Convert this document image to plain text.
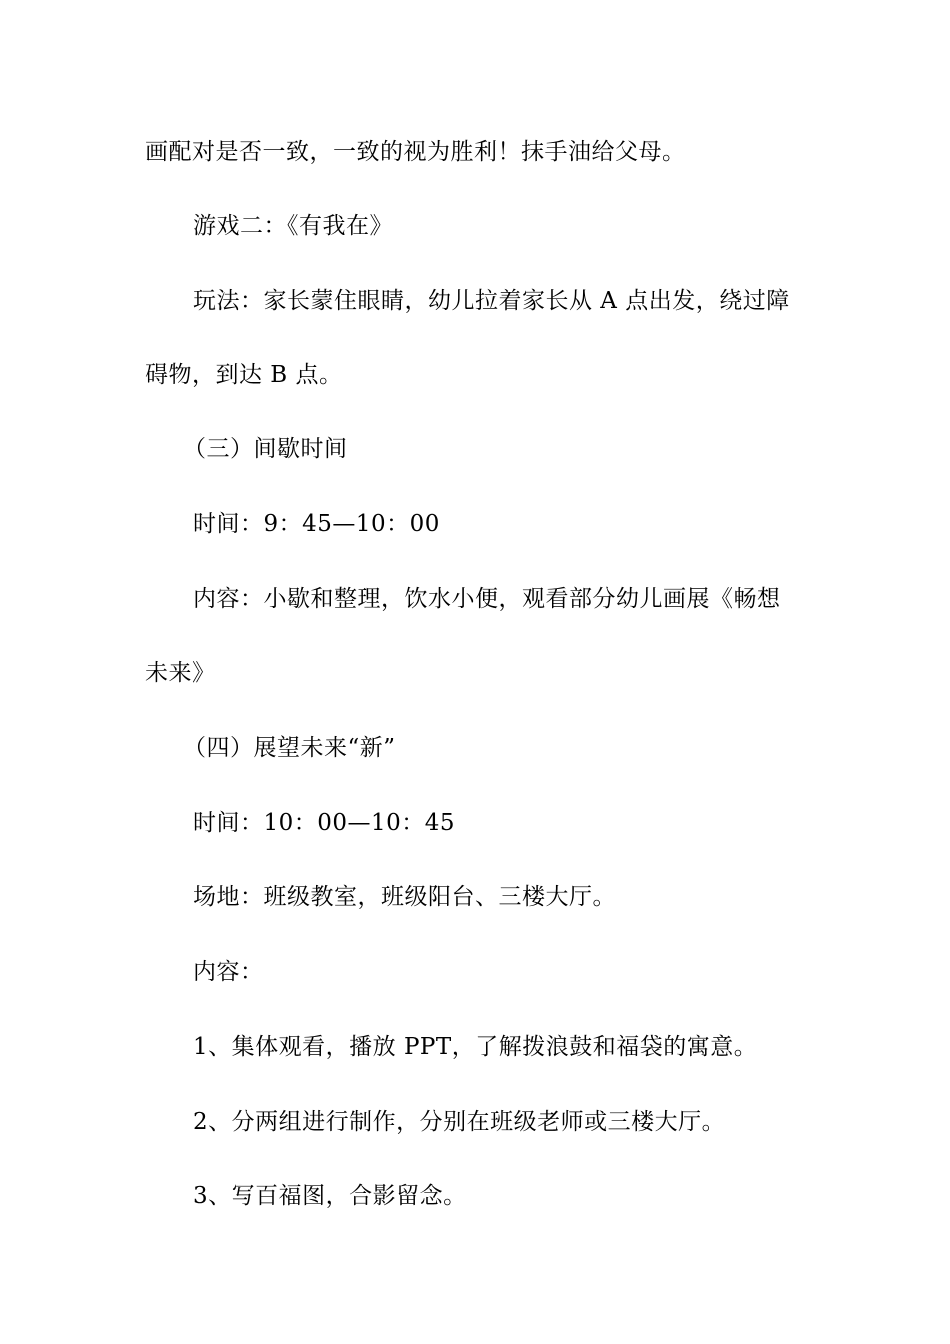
画配对是否一致，一致的视为胜利！抹手油给父母。
游戏二：《有我在》
玩法：家长蒙住眼睛，幼儿拉着家长从 A 点出发，绕过障
碍物，到达 B 点。
（三）间歇时间
时间：9：45—10：00
内容：小歇和整理，饮水小便，观看部分幼儿画展《畅想
未来》
（四）展望未来“新”
时间：10：00—10：45
场地：班级教室，班级阳台、三楼大厅。
内容：
1、集体观看，播放 PPT，了解拨浪鼓和福袋的寓意。
2、分两组进行制作，分别在班级老师或三楼大厅。
3、写百福图，合影留念。
